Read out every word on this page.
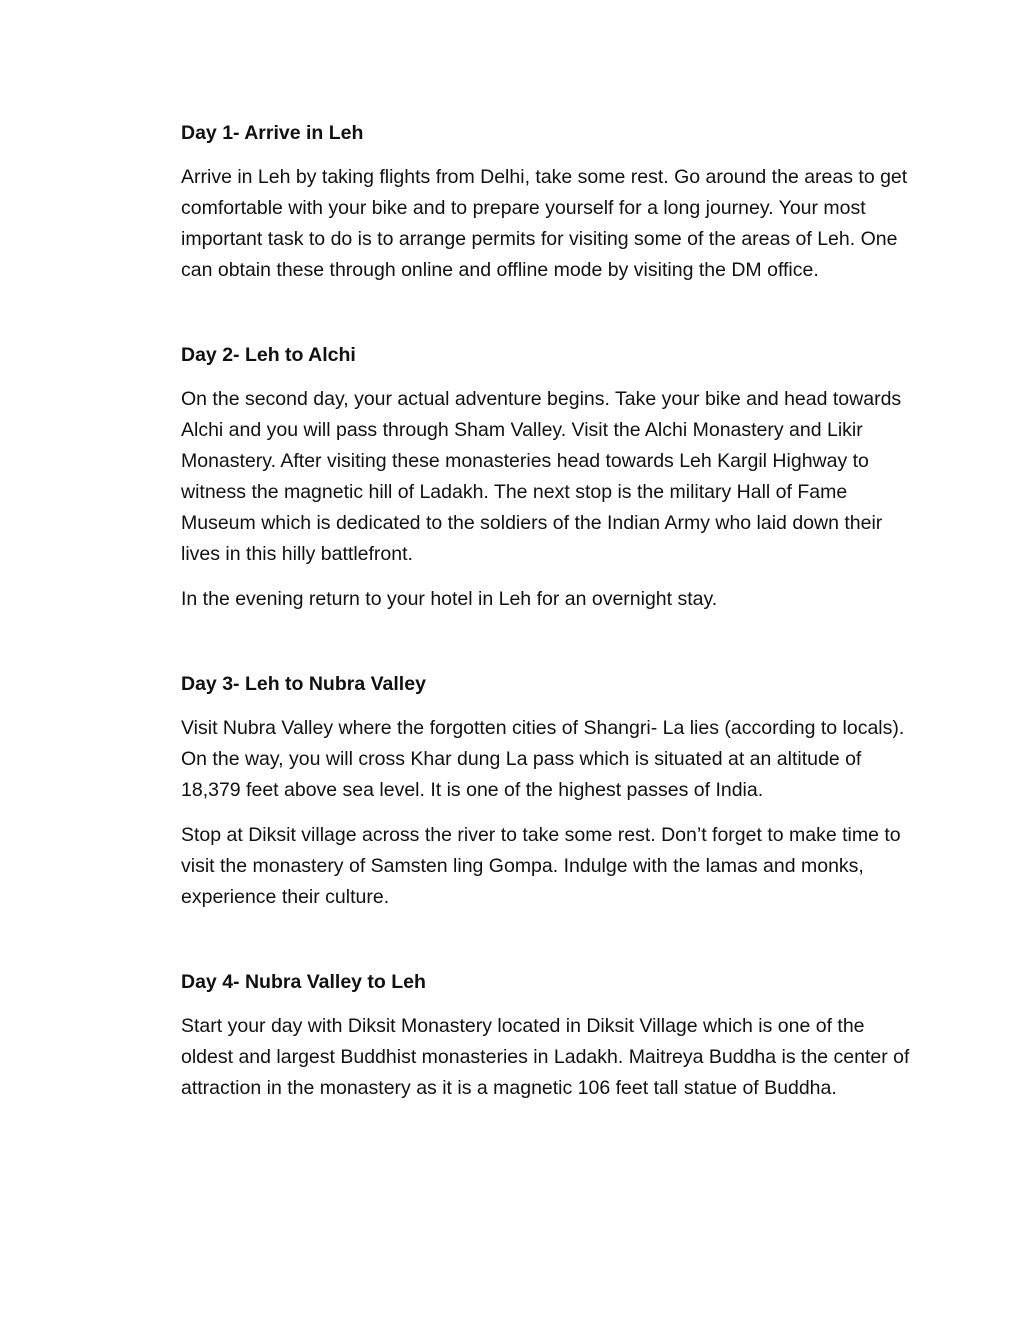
Day 1- Arrive in Leh

Arrive in Leh by taking flights from Delhi, take some rest. Go around the areas to get comfortable with your bike and to prepare yourself for a long journey. Your most important task to do is to arrange permits for visiting some of the areas of Leh. One can obtain these through online and offline mode by visiting the DM office.

Day 2- Leh to Alchi

On the second day, your actual adventure begins. Take your bike and head towards Alchi and you will pass through Sham Valley. Visit the Alchi Monastery and Likir Monastery. After visiting these monasteries head towards Leh Kargil Highway to witness the magnetic hill of Ladakh. The next stop is the military Hall of Fame Museum which is dedicated to the soldiers of the Indian Army who laid down their lives in this hilly battlefront.

In the evening return to your hotel in Leh for an overnight stay.

Day 3- Leh to Nubra Valley

Visit Nubra Valley where the forgotten cities of Shangri- La lies (according to locals). On the way, you will cross Khar dung La pass which is situated at an altitude of 18,379 feet above sea level. It is one of the highest passes of India.

Stop at Diksit village across the river to take some rest. Don’t forget to make time to visit the monastery of Samsten ling Gompa. Indulge with the lamas and monks, experience their culture.

Day 4- Nubra Valley to Leh

Start your day with Diksit Monastery located in Diksit Village which is one of the oldest and largest Buddhist monasteries in Ladakh. Maitreya Buddha is the center of attraction in the monastery as it is a magnetic 106 feet tall statue of Buddha.
